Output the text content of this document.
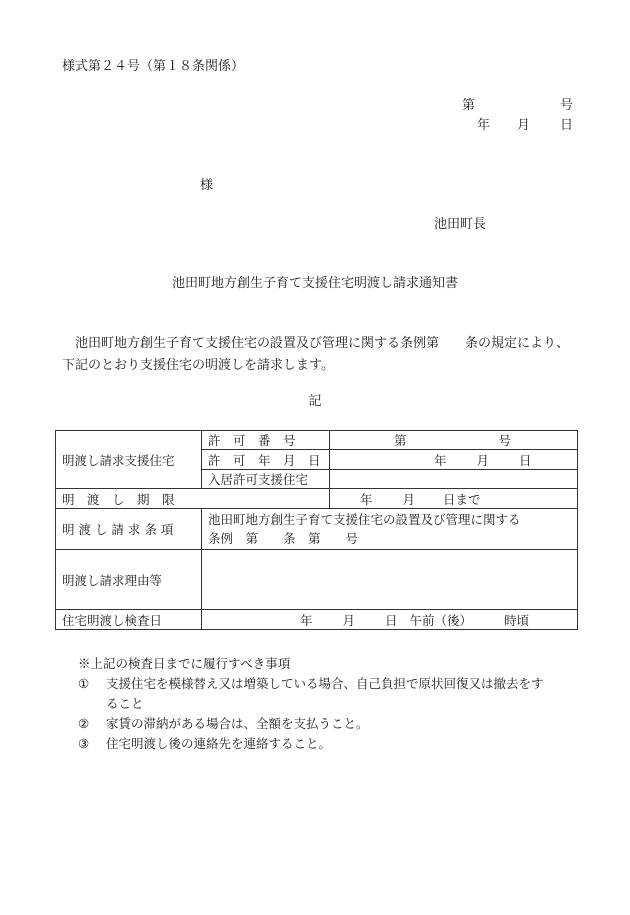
様式第２４号（第１８条関係）
第	号
年 月 日
様
池田町長
池田町地方創生子育て支援住宅明渡し請求通知書
池田町地方創生子育て支援住宅の設置及び管理に関する条例第　　条の規定により、下記のとおり支援住宅の明渡しを請求します。
記
明渡し請求支援住宅	許　可　番　号	第 号

	許　可　年　月　日	年 月 日

	入居許可支援住宅	
明　渡　し　期　限		年 月 日まで

明 渡 し 請 求 条 項	池田町地方創生子育て支援住宅の設置及び管理に関する
条例　第　　条　第　　号	

明渡し請求理由等		
住宅明渡し検査日	年 月 日 午前（後） 時頃	
※上記の検査日までに履行すべき事項
①	支援住宅を模様替え又は増築している場合、自己負担で原状回復又は撤去をすること
②	家賃の滞納がある場合は、全額を支払うこと。
③	住宅明渡し後の連絡先を連絡すること。
